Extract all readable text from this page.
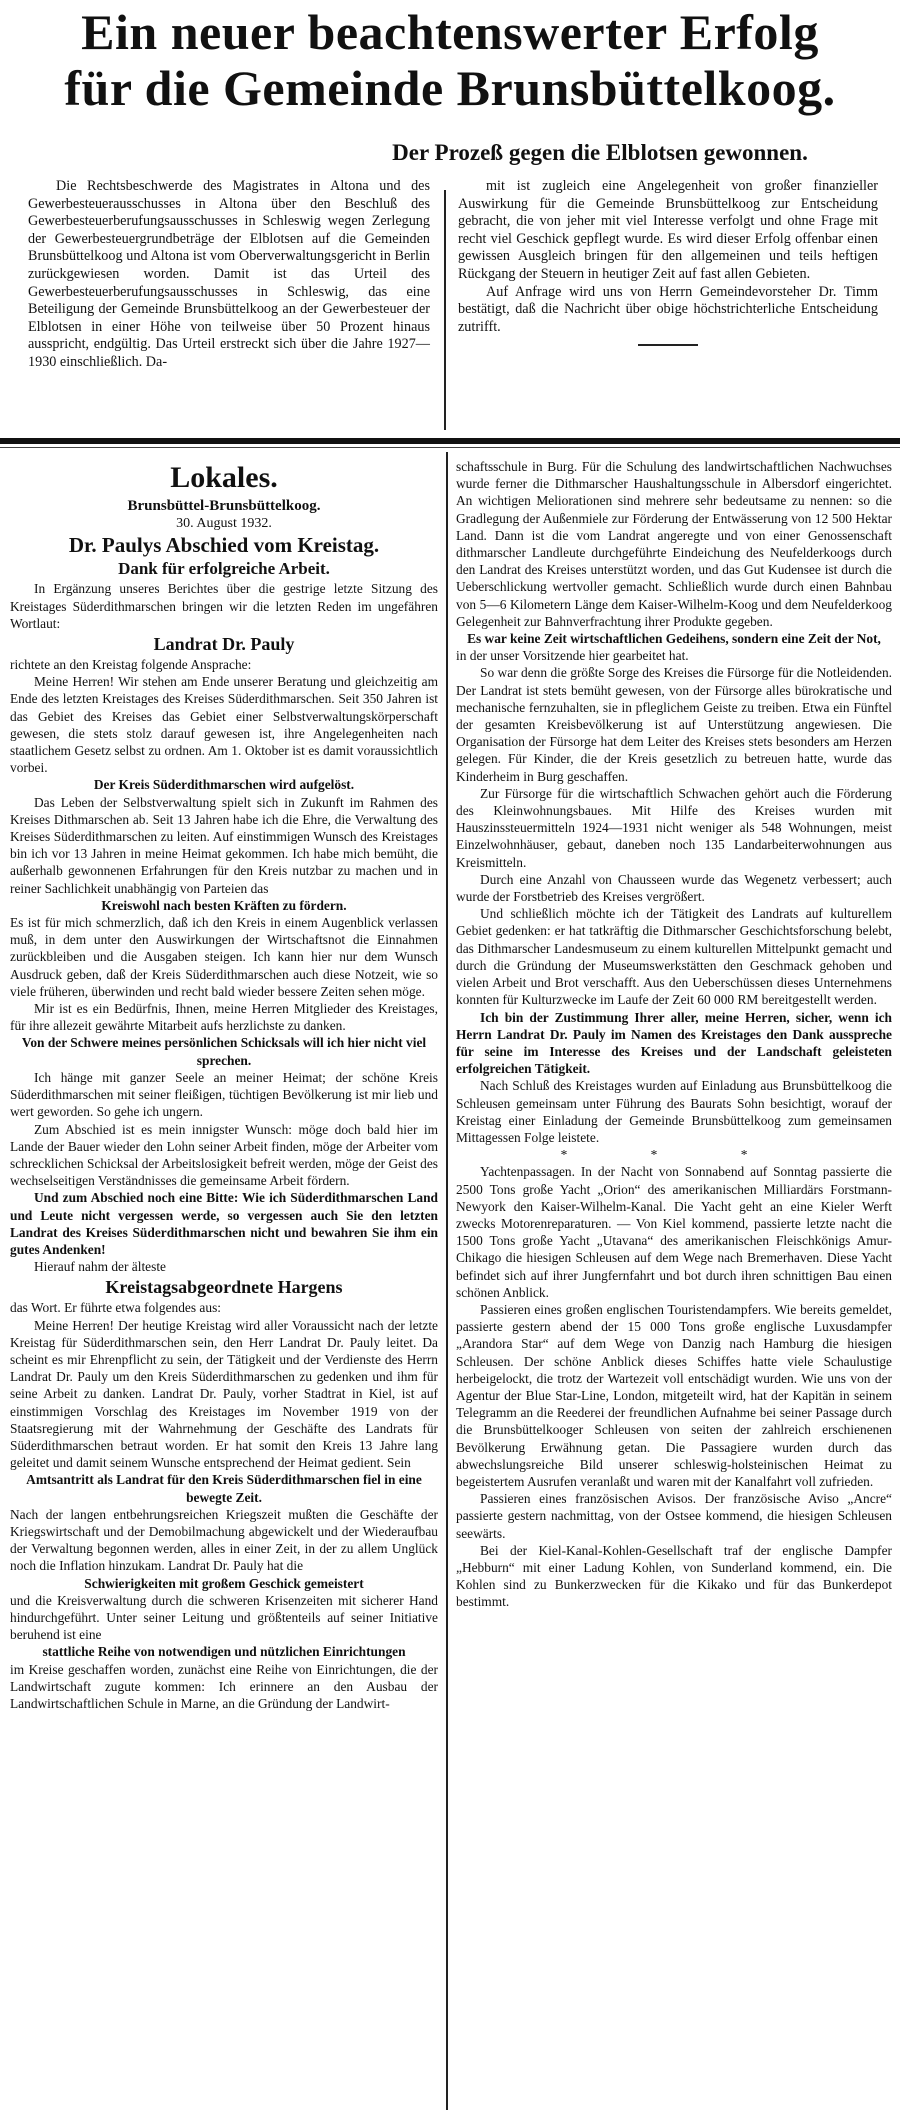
Ein neuer beachtenswerter Erfolg
für die Gemeinde Brunsbüttelkoog.
Der Prozeß gegen die Elblotsen gewonnen.

Die Rechtsbeschwerde des Magistrates in Altona und des Gewerbesteuerausschusses in Altona über den Beschluß des Gewerbesteuerberufungsausschusses in Schleswig wegen Zerlegung der Gewerbesteuergrundbeträge der Elblotsen auf die Gemeinden Brunsbüttelkoog und Altona ist vom Oberverwaltungsgericht in Berlin zurückgewiesen worden. Damit ist das Urteil des Gewerbesteuerberufungsausschusses in Schleswig, das eine Beteiligung der Gemeinde Brunsbüttelkoog an der Gewerbesteuer der Elblotsen in einer Höhe von teilweise über 50 Prozent hinaus ausspricht, endgültig. Das Urteil erstreckt sich über die Jahre 1927—1930 einschließlich. Da-

mit ist zugleich eine Angelegenheit von großer finanzieller Auswirkung für die Gemeinde Brunsbüttelkoog zur Entscheidung gebracht, die von jeher mit viel Interesse verfolgt und ohne Frage mit recht viel Geschick gepflegt wurde. Es wird dieser Erfolg offenbar einen gewissen Ausgleich bringen für den allgemeinen und teils heftigen Rückgang der Steuern in heutiger Zeit auf fast allen Gebieten.

Auf Anfrage wird uns von Herrn Gemeindevorsteher Dr. Timm bestätigt, daß die Nachricht über obige höchstrichterliche Entscheidung zutrifft.

Lokales.

Brunsbüttel-Brunsbüttelkoog.

30. August 1932.

Dr. Paulys Abschied vom Kreistag.

Dank für erfolgreiche Arbeit.

In Ergänzung unseres Berichtes über die gestrige letzte Sitzung des Kreistages Süderdithmarschen bringen wir die letzten Reden im ungefähren Wortlaut:

Landrat Dr. Pauly

richtete an den Kreistag folgende Ansprache:

Meine Herren! Wir stehen am Ende unserer Beratung und gleichzeitig am Ende des letzten Kreistages des Kreises Süderdithmarschen. Seit 350 Jahren ist das Gebiet des Kreises das Gebiet einer Selbstverwaltungskörperschaft gewesen, die stets stolz darauf gewesen ist, ihre Angelegenheiten nach staatlichem Gesetz selbst zu ordnen. Am 1. Oktober ist es damit voraussichtlich vorbei.

Der Kreis Süderdithmarschen wird aufgelöst.

Das Leben der Selbstverwaltung spielt sich in Zukunft im Rahmen des Kreises Dithmarschen ab. Seit 13 Jahren habe ich die Ehre, die Verwaltung des Kreises Süderdithmarschen zu leiten. Auf einstimmigen Wunsch des Kreistages bin ich vor 13 Jahren in meine Heimat gekommen. Ich habe mich bemüht, die außerhalb gewonnenen Erfahrungen für den Kreis nutzbar zu machen und in reiner Sachlichkeit unabhängig von Parteien das

Kreiswohl nach besten Kräften zu fördern.

Es ist für mich schmerzlich, daß ich den Kreis in einem Augenblick verlassen muß, in dem unter den Auswirkungen der Wirtschaftsnot die Einnahmen zurückbleiben und die Ausgaben steigen. Ich kann hier nur dem Wunsch Ausdruck geben, daß der Kreis Süderdithmarschen auch diese Notzeit, wie so viele früheren, überwinden und recht bald wieder bessere Zeiten sehen möge.

Mir ist es ein Bedürfnis, Ihnen, meine Herren Mitglieder des Kreistages, für ihre allezeit gewährte Mitarbeit aufs herzlichste zu danken.

Von der Schwere meines persönlichen Schicksals will ich hier nicht viel sprechen.

Ich hänge mit ganzer Seele an meiner Heimat; der schöne Kreis Süderdithmarschen mit seiner fleißigen, tüchtigen Bevölkerung ist mir lieb und wert geworden. So gehe ich ungern.

Zum Abschied ist es mein innigster Wunsch: möge doch bald hier im Lande der Bauer wieder den Lohn seiner Arbeit finden, möge der Arbeiter vom schrecklichen Schicksal der Arbeitslosigkeit befreit werden, möge der Geist des wechselseitigen Verständnisses die gemeinsame Arbeit fördern.

Und zum Abschied noch eine Bitte: Wie ich Süderdithmarschen Land und Leute nicht vergessen werde, so vergessen auch Sie den letzten Landrat des Kreises Süderdithmarschen nicht und bewahren Sie ihm ein gutes Andenken!

Hierauf nahm der älteste

Kreistagsabgeordnete Hargens

das Wort. Er führte etwa folgendes aus:

Meine Herren! Der heutige Kreistag wird aller Voraussicht nach der letzte Kreistag für Süderdithmarschen sein, den Herr Landrat Dr. Pauly leitet. Da scheint es mir Ehrenpflicht zu sein, der Tätigkeit und der Verdienste des Herrn Landrat Dr. Pauly um den Kreis Süderdithmarschen zu gedenken und ihm für seine Arbeit zu danken. Landrat Dr. Pauly, vorher Stadtrat in Kiel, ist auf einstimmigen Vorschlag des Kreistages im November 1919 von der Staatsregierung mit der Wahrnehmung der Geschäfte des Landrats für Süderdithmarschen betraut worden. Er hat somit den Kreis 13 Jahre lang geleitet und damit seinem Wunsche entsprechend der Heimat gedient. Sein

Amtsantritt als Landrat für den Kreis Süderdithmarschen fiel in eine bewegte Zeit.

Nach der langen entbehrungsreichen Kriegszeit mußten die Geschäfte der Kriegswirtschaft und der Demobilmachung abgewickelt und der Wiederaufbau der Verwaltung begonnen werden, alles in einer Zeit, in der zu allem Unglück noch die Inflation hinzukam. Landrat Dr. Pauly hat die

Schwierigkeiten mit großem Geschick gemeistert

und die Kreisverwaltung durch die schweren Krisenzeiten mit sicherer Hand hindurchgeführt. Unter seiner Leitung und größtenteils auf seiner Initiative beruhend ist eine

stattliche Reihe von notwendigen und nützlichen Einrichtungen

im Kreise geschaffen worden, zunächst eine Reihe von Einrichtungen, die der Landwirtschaft zugute kommen: Ich erinnere an den Ausbau der Landwirtschaftlichen Schule in Marne, an die Gründung der Landwirt-

schaftsschule in Burg. Für die Schulung des landwirtschaftlichen Nachwuchses wurde ferner die Dithmarscher Haushaltungsschule in Albersdorf eingerichtet. An wichtigen Meliorationen sind mehrere sehr bedeutsame zu nennen: so die Gradlegung der Außenmiele zur Förderung der Entwässerung von 12 500 Hektar Land. Dann ist die vom Landrat angeregte und von einer Genossenschaft dithmarscher Landleute durchgeführte Eindeichung des Neufelderkoogs durch den Landrat des Kreises unterstützt worden, und das Gut Kudensee ist durch die Ueberschlickung wertvoller gemacht. Schließlich wurde durch einen Bahnbau von 5—6 Kilometern Länge dem Kaiser-Wilhelm-Koog und dem Neufelderkoog Gelegenheit zur Bahnverfrachtung ihrer Produkte gegeben.

Es war keine Zeit wirtschaftlichen Gedeihens, sondern eine Zeit der Not,

in der unser Vorsitzende hier gearbeitet hat.

So war denn die größte Sorge des Kreises die Fürsorge für die Notleidenden. Der Landrat ist stets bemüht gewesen, von der Fürsorge alles bürokratische und mechanische fernzuhalten, sie in pfleglichem Geiste zu treiben. Etwa ein Fünftel der gesamten Kreisbevölkerung ist auf Unterstützung angewiesen. Die Organisation der Fürsorge hat dem Leiter des Kreises stets besonders am Herzen gelegen. Für Kinder, die der Kreis gesetzlich zu betreuen hatte, wurde das Kinderheim in Burg geschaffen.

Zur Fürsorge für die wirtschaftlich Schwachen gehört auch die Förderung des Kleinwohnungsbaues. Mit Hilfe des Kreises wurden mit Hauszinssteuermitteln 1924—1931 nicht weniger als 548 Wohnungen, meist Einzelwohnhäuser, gebaut, daneben noch 135 Landarbeiterwohnungen aus Kreismitteln.

Durch eine Anzahl von Chausseen wurde das Wegenetz verbessert; auch wurde der Forstbetrieb des Kreises vergrößert.

Und schließlich möchte ich der Tätigkeit des Landrats auf kulturellem Gebiet gedenken: er hat tatkräftig die Dithmarscher Geschichtsforschung belebt, das Dithmarscher Landesmuseum zu einem kulturellen Mittelpunkt gemacht und durch die Gründung der Museumswerkstätten den Geschmack gehoben und vielen Arbeit und Brot verschafft. Aus den Ueberschüssen dieses Unternehmens konnten für Kulturzwecke im Laufe der Zeit 60 000 RM bereitgestellt werden.

Ich bin der Zustimmung Ihrer aller, meine Herren, sicher, wenn ich Herrn Landrat Dr. Pauly im Namen des Kreistages den Dank ausspreche für seine im Interesse des Kreises und der Landschaft geleisteten erfolgreichen Tätigkeit.

Nach Schluß des Kreistages wurden auf Einladung aus Brunsbüttelkoog die Schleusen gemeinsam unter Führung des Baurats Sohn besichtigt, worauf der Kreistag einer Einladung der Gemeinde Brunsbüttelkoog zum gemeinsamen Mittagessen Folge leistete.

* * *

Yachtenpassagen. In der Nacht von Sonnabend auf Sonntag passierte die 2500 Tons große Yacht „Orion“ des amerikanischen Milliardärs Forstmann-Newyork den Kaiser-Wilhelm-Kanal. Die Yacht geht an eine Kieler Werft zwecks Motorenreparaturen. — Von Kiel kommend, passierte letzte nacht die 1500 Tons große Yacht „Utavana“ des amerikanischen Fleischkönigs Amur-Chikago die hiesigen Schleusen auf dem Wege nach Bremerhaven. Diese Yacht befindet sich auf ihrer Jungfernfahrt und bot durch ihren schnittigen Bau einen schönen Anblick.

Passieren eines großen englischen Touristendampfers. Wie bereits gemeldet, passierte gestern abend der 15 000 Tons große englische Luxusdampfer „Arandora Star“ auf dem Wege von Danzig nach Hamburg die hiesigen Schleusen. Der schöne Anblick dieses Schiffes hatte viele Schaulustige herbeigelockt, die trotz der Wartezeit voll entschädigt wurden. Wie uns von der Agentur der Blue Star-Line, London, mitgeteilt wird, hat der Kapitän in seinem Telegramm an die Reederei der freundlichen Aufnahme bei seiner Passage durch die Brunsbüttelkooger Schleusen von seiten der zahlreich erschienenen Bevölkerung Erwähnung getan. Die Passagiere wurden durch das abwechslungsreiche Bild unserer schleswig-holsteinischen Heimat zu begeistertem Ausrufen veranlaßt und waren mit der Kanalfahrt voll zufrieden.

Passieren eines französischen Avisos. Der französische Aviso „Ancre“ passierte gestern nachmittag, von der Ostsee kommend, die hiesigen Schleusen seewärts.

Bei der Kiel-Kanal-Kohlen-Gesellschaft traf der englische Dampfer „Hebburn“ mit einer Ladung Kohlen, von Sunderland kommend, ein. Die Kohlen sind zu Bunkerzwecken für die Kikako und für das Bunkerdepot bestimmt.
